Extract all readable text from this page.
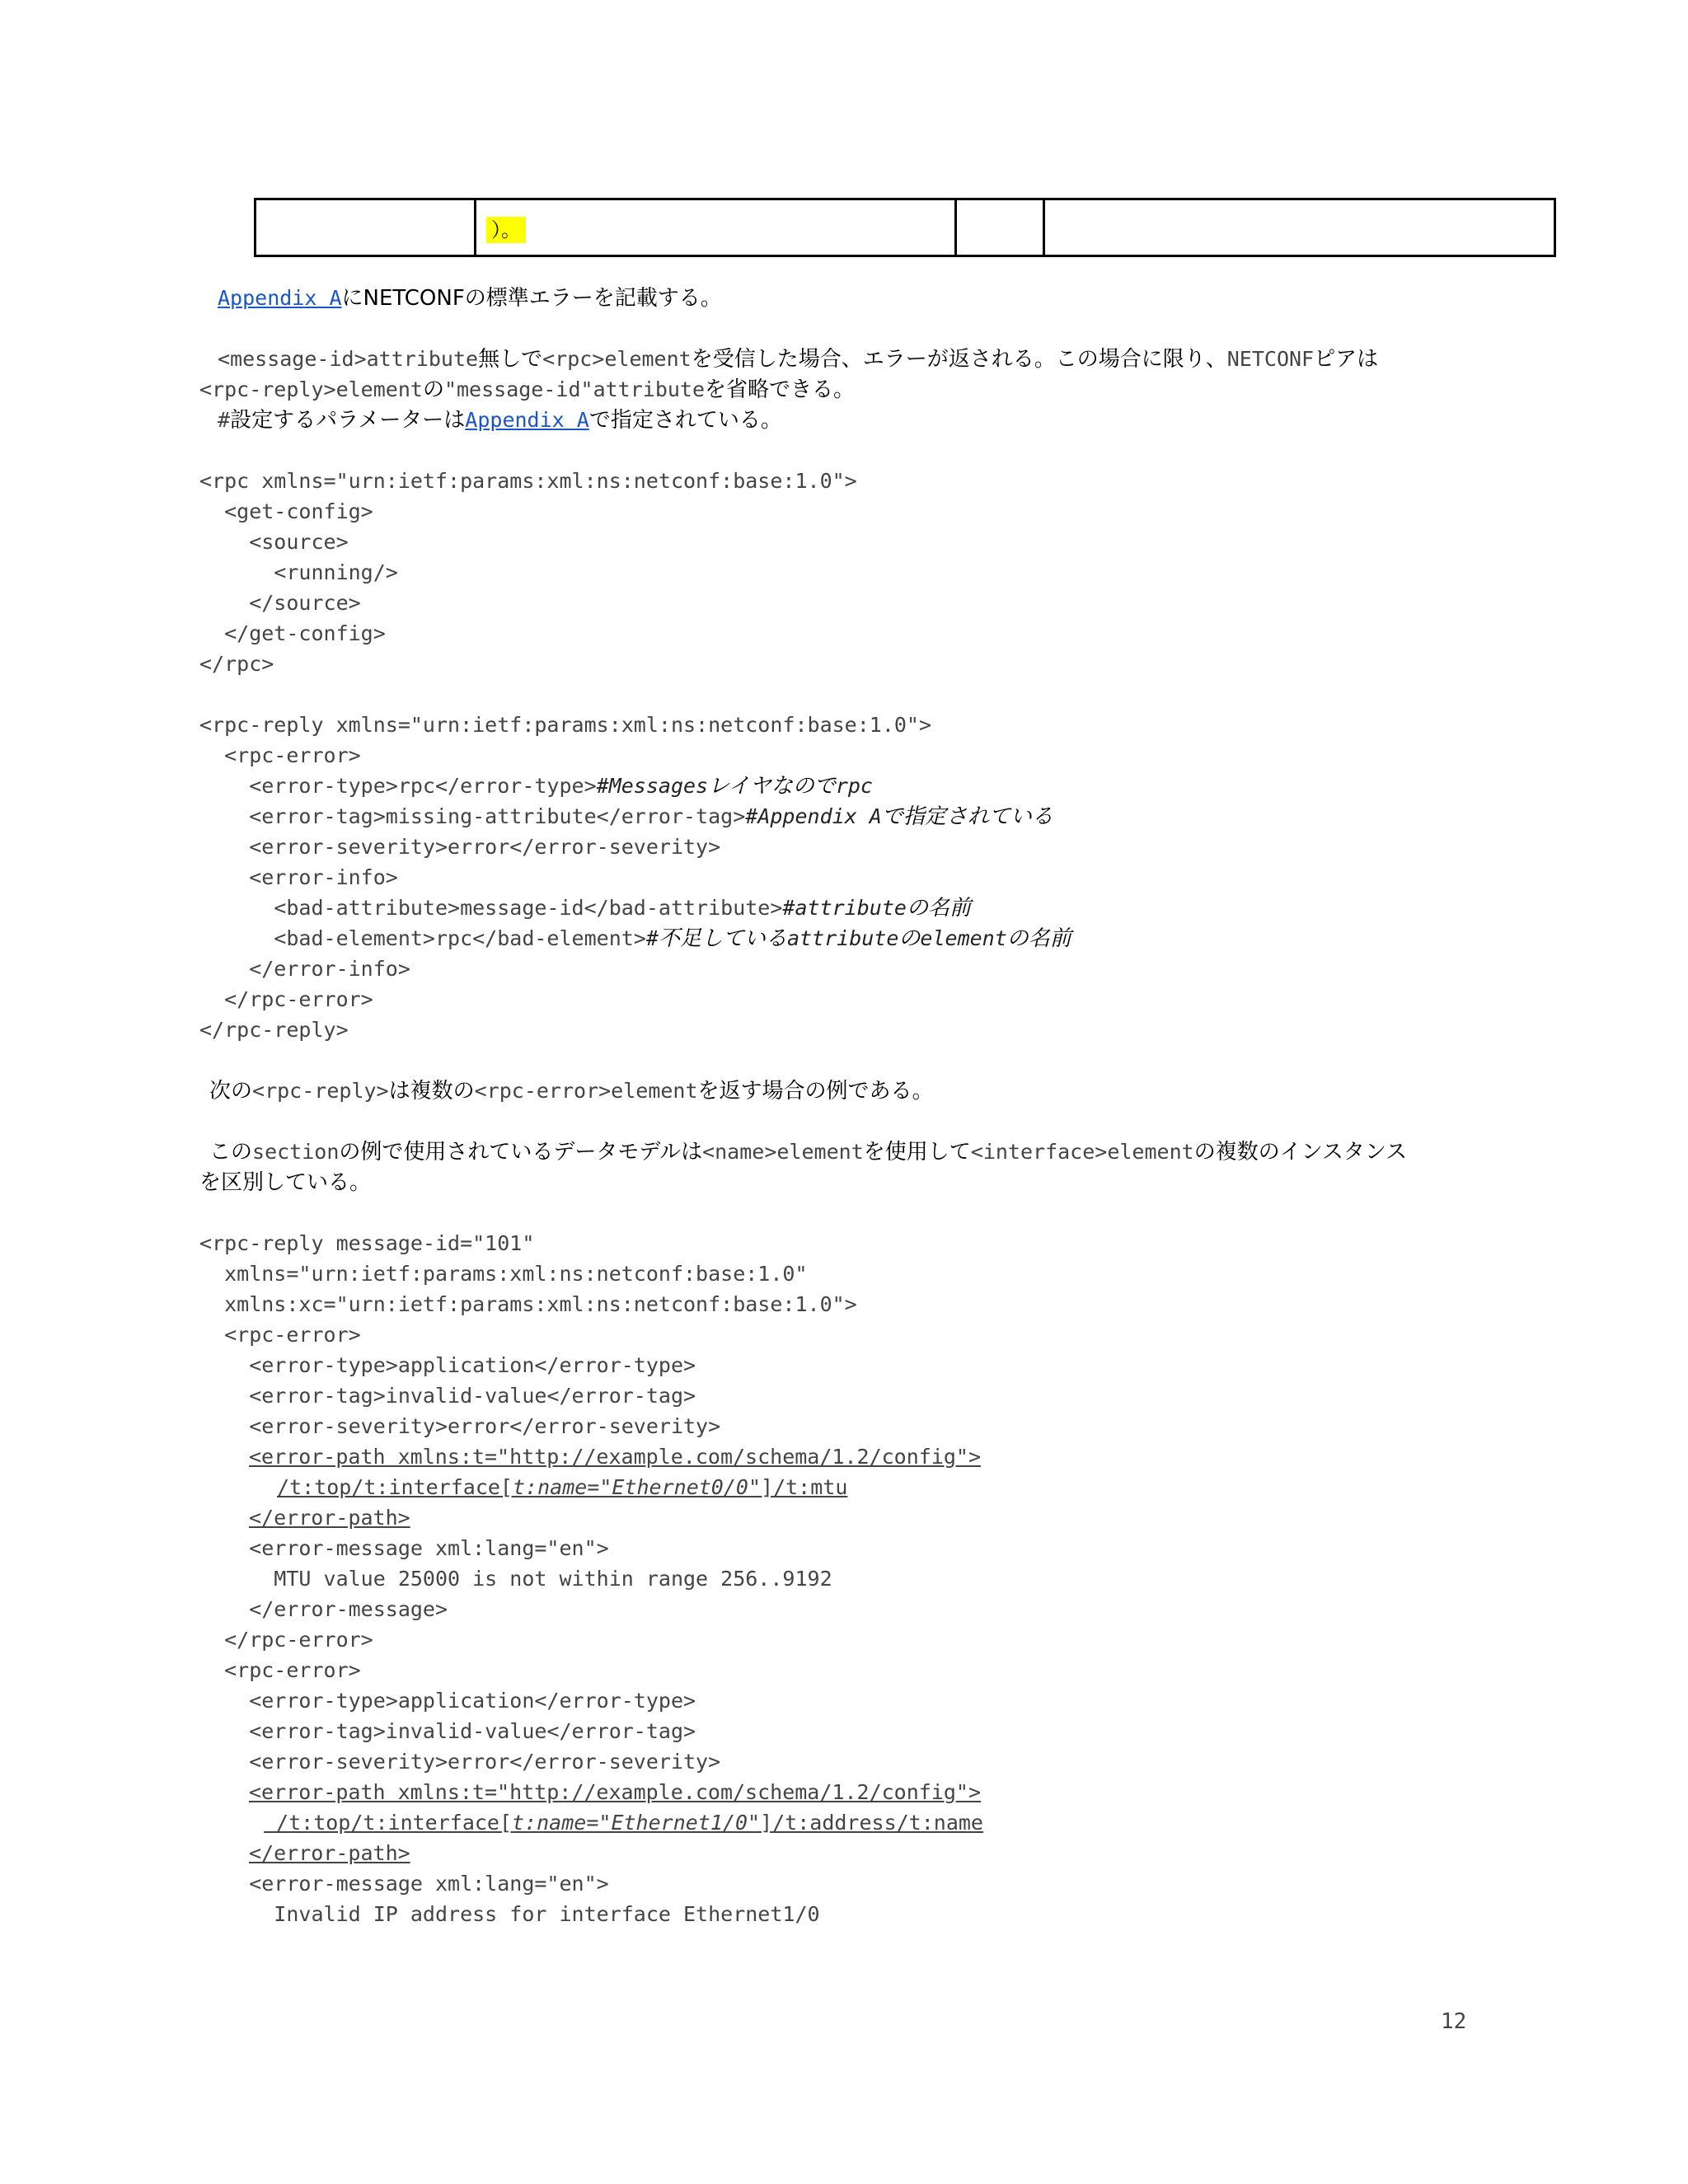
	）。		
Appendix AにNETCONFの標準エラーを記載する。
<message-id>attribute無しで<rpc>elementを受信した場合、エラーが返される。この場合に限り、NETCONFピアは
<rpc-reply>elementの"message-id"attributeを省略できる。
#設定するパラメーターはAppendix Aで指定されている。
<rpc xmlns="urn:ietf:params:xml:ns:netconf:base:1.0">
<get-config>
<source>
<running/>
</source>
</get-config>
</rpc>
<rpc-reply xmlns="urn:ietf:params:xml:ns:netconf:base:1.0">
<rpc-error>
<error-type>rpc</error-type>#Messagesレイヤなのでrpc
<error-tag>missing-attribute</error-tag>#Appendix Aで指定されている
<error-severity>error</error-severity>
<error-info>
<bad-attribute>message-id</bad-attribute>#attributeの名前
<bad-element>rpc</bad-element>#不足しているattributeのelementの名前
</error-info>
</rpc-error>
</rpc-reply>
次の<rpc-reply>は複数の<rpc-error>elementを返す場合の例である。
このsectionの例で使用されているデータモデルは<name>elementを使用して<interface>elementの複数のインスタンス
を区別している。
<rpc-reply message-id="101"
xmlns="urn:ietf:params:xml:ns:netconf:base:1.0"
xmlns:xc="urn:ietf:params:xml:ns:netconf:base:1.0">
<rpc-error>
<error-type>application</error-type>
<error-tag>invalid-value</error-tag>
<error-severity>error</error-severity>
<error-path xmlns:t="http://example.com/schema/1.2/config">
/t:top/t:interface[t:name="Ethernet0/0"]/t:mtu
</error-path>
<error-message xml:lang="en">
MTU value 25000 is not within range 256..9192
</error-message>
</rpc-error>
<rpc-error>
<error-type>application</error-type>
<error-tag>invalid-value</error-tag>
<error-severity>error</error-severity>
<error-path xmlns:t="http://example.com/schema/1.2/config">
/t:top/t:interface[t:name="Ethernet1/0"]/t:address/t:name
</error-path>
<error-message xml:lang="en">
Invalid IP address for interface Ethernet1/0
12
